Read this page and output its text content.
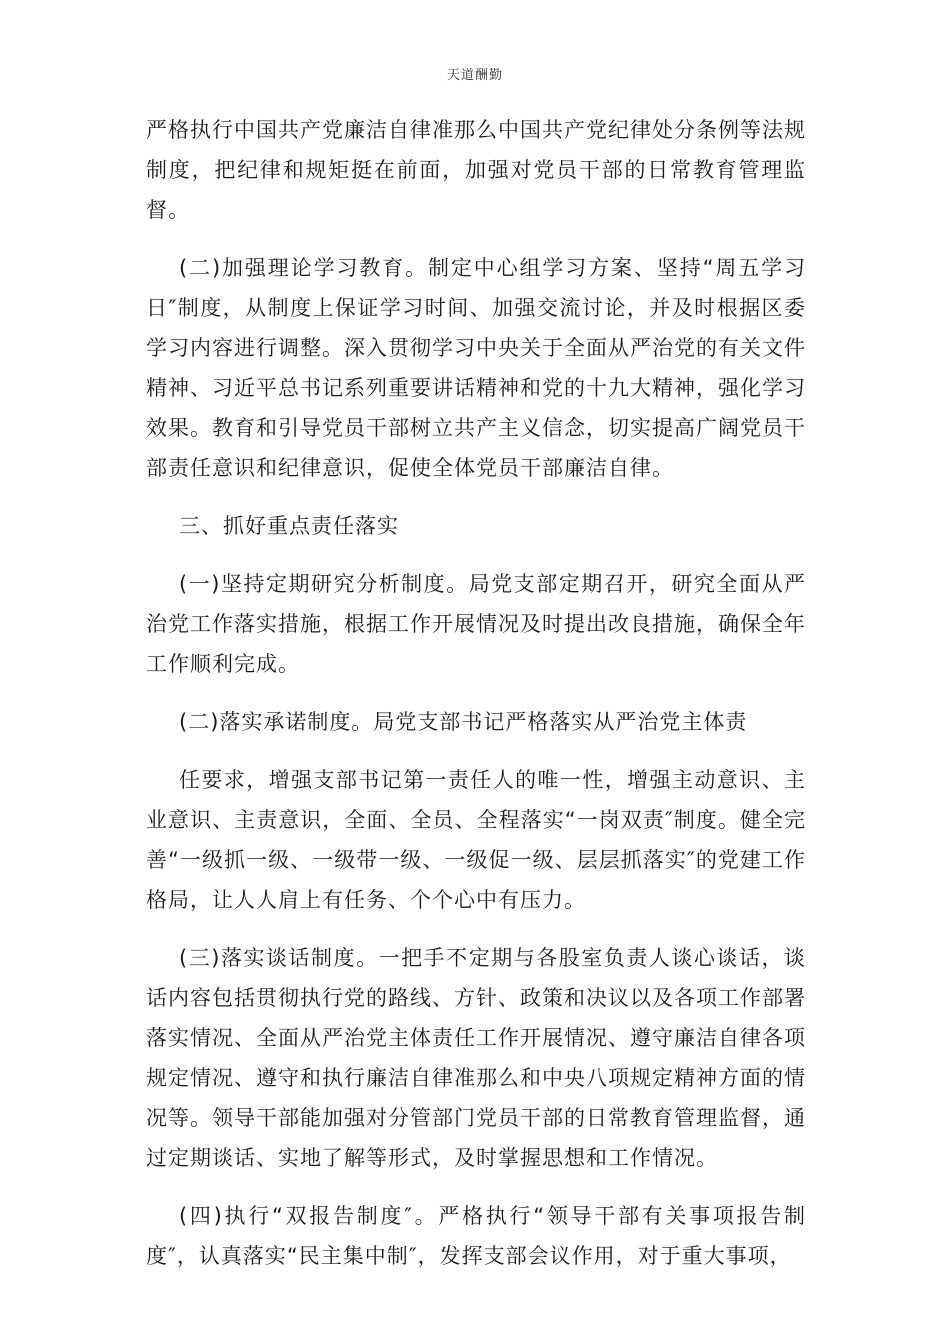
天道酬勤

严格执行中国共产党廉洁自律准那么中国共产党纪律处分条例等法规制度，把纪律和规矩挺在前面，加强对党员干部的日常教育管理监督。

(二)加强理论学习教育。制定中心组学习方案、坚持“周五学习日″制度，从制度上保证学习时间、加强交流讨论，并及时根据区委学习内容进行调整。深入贯彻学习中央关于全面从严治党的有关文件精神、习近平总书记系列重要讲话精神和党的十九大精神，强化学习效果。教育和引导党员干部树立共产主义信念，切实提高广阔党员干部责任意识和纪律意识，促使全体党员干部廉洁自律。

三、抓好重点责任落实

(一)坚持定期研究分析制度。局党支部定期召开，研究全面从严治党工作落实措施，根据工作开展情况及时提出改良措施，确保全年工作顺利完成。

(二)落实承诺制度。局党支部书记严格落实从严治党主体责

任要求，增强支部书记第一责任人的唯一性，增强主动意识、主业意识、主责意识，全面、全员、全程落实“一岗双责″制度。健全完善“一级抓一级、一级带一级、一级促一级、层层抓落实″的党建工作格局，让人人肩上有任务、个个心中有压力。

(三)落实谈话制度。一把手不定期与各股室负责人谈心谈话，谈话内容包括贯彻执行党的路线、方针、政策和决议以及各项工作部署落实情况、全面从严治党主体责任工作开展情况、遵守廉洁自律各项规定情况、遵守和执行廉洁自律准那么和中央八项规定精神方面的情况等。领导干部能加强对分管部门党员干部的日常教育管理监督，通过定期谈话、实地了解等形式，及时掌握思想和工作情况。

(四)执行“双报告制度″。严格执行“领导干部有关事项报告制度″，认真落实“民主集中制″，发挥支部会议作用，对于重大事项，
